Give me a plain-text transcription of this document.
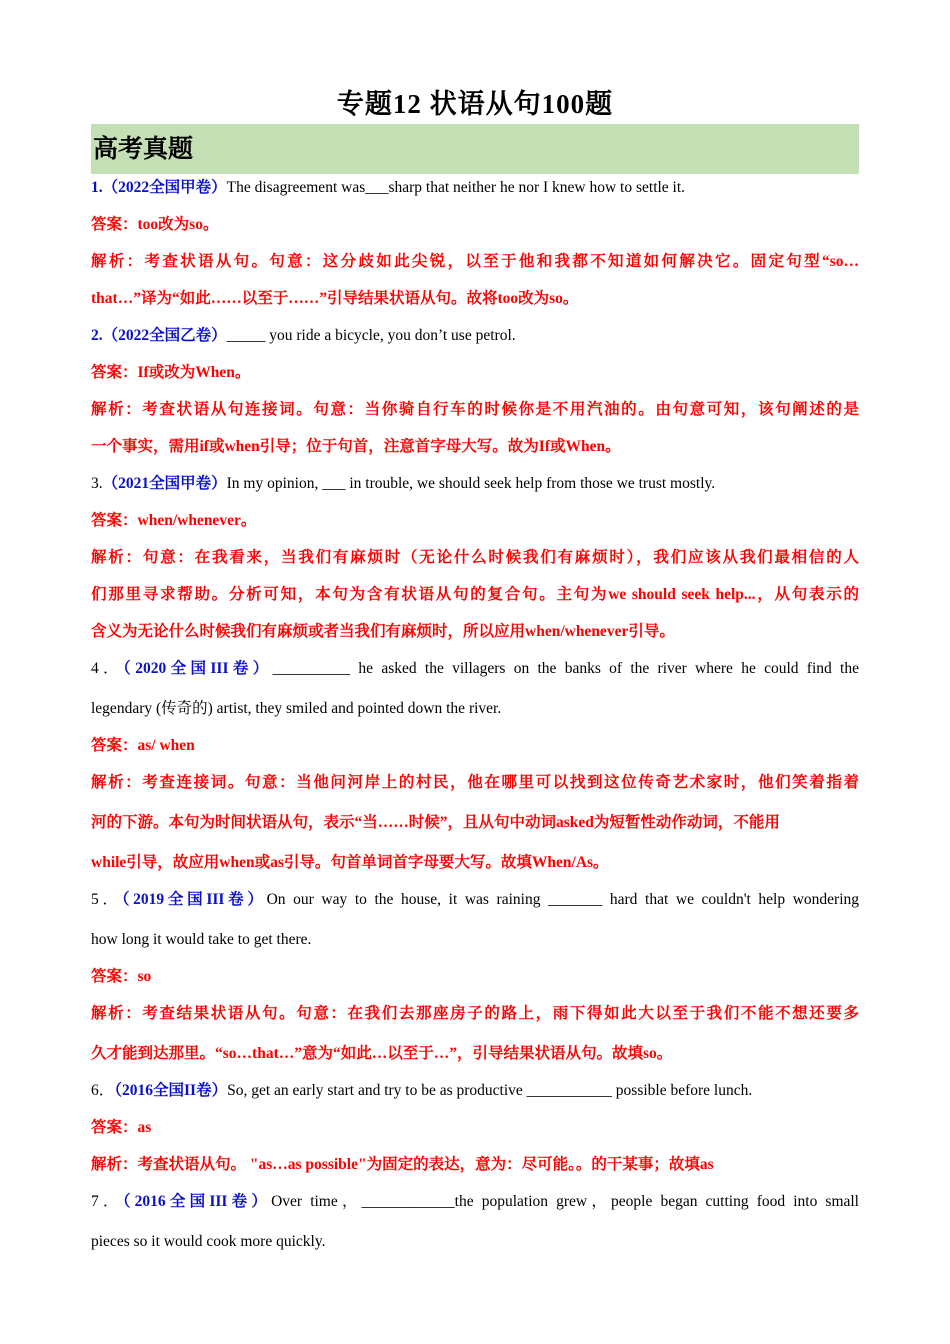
专题12 状语从句100题
高考真题
1.（2022全国甲卷）The disagreement was___sharp that neither he nor I knew how to settle it.
答案：too改为so。
解析：考查状语从句。句意：这分歧如此尖锐，以至于他和我都不知道如何解决它。固定句型“so…
that…”译为“如此……以至于……”引导结果状语从句。故将too改为so。
2.（2022全国乙卷）_____ you ride a bicycle, you don’t use petrol.
答案：If或改为When。
解析：考查状语从句连接词。句意：当你骑自行车的时候你是不用汽油的。由句意可知，该句阐述的是
一个事实，需用if或when引导；位于句首，注意首字母大写。故为If或When。
3.（2021全国甲卷）In my opinion, ___ in trouble, we should seek help from those we trust mostly.
答案：when/whenever。
解析：句意：在我看来，当我们有麻烦时（无论什么时候我们有麻烦时），我们应该从我们最相信的人
们那里寻求帮助。分析可知，本句为含有状语从句的复合句。主句为we should seek help...，从句表示的
含义为无论什么时候我们有麻烦或者当我们有麻烦时，所以应用when/whenever引导。
4．（2020全国III卷）__________ he asked the villagers on the banks of the river where he could find the
legendary (传奇的) artist, they smiled and pointed down the river.
答案：as/ when
解析：考查连接词。句意：当他问河岸上的村民，他在哪里可以找到这位传奇艺术家时，他们笑着指着
河的下游。本句为时间状语从句，表示“当……时候”，且从句中动词asked为短暂性动作动词，不能用
while引导，故应用when或as引导。句首单词首字母要大写。故填When/As。
5．（2019全国III卷）On our way to the house, it was raining _______ hard that we couldn't help wondering
how long it would take to get there.
答案：so
解析：考查结果状语从句。句意：在我们去那座房子的路上，雨下得如此大以至于我们不能不想还要多
久才能到达那里。“so…that…”意为“如此…以至于…”，引导结果状语从句。故填so。
6．（2016全国II卷）So, get an early start and try to be as productive ___________ possible before lunch.
答案：as
解析：考查状语从句。 "as…as possible"为固定的表达，意为：尽可能。。的干某事；故填as
7．（2016全国III卷）Over time，____________the population grew，people began cutting food into small
pieces so it would cook more quickly.
